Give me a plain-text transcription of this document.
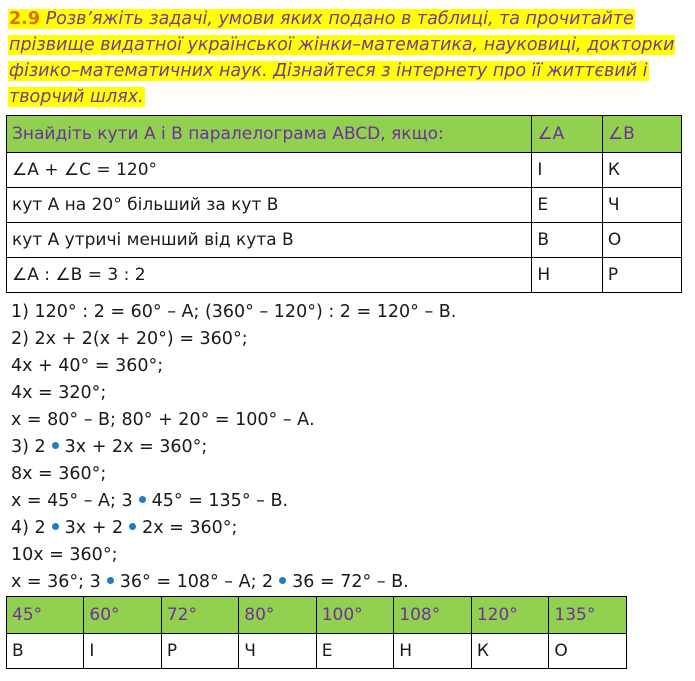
2.9 Розв’яжіть задачі, умови яких подано в таблиці, та прочитайте прізвище видатної української жінки–математика, науковиці, докторки фізико–математичних наук. Дізнайтеся з інтернету про її життєвий і творчий шлях.
Знайдіть кути А і В паралелограма ABCD, якщо:	∠A	∠B
∠A + ∠C = 120°	І	К
кут А на 20° більший за кут В	Е	Ч
кут А утричі менший від кута В	В	О
∠A : ∠B = 3 : 2	Н	Р
1) 120° : 2 = 60° – А; (360° – 120°) : 2 = 120° – В.
2) 2x + 2(x + 20°) = 360°;
4x + 40° = 360°;
4x = 320°;
x = 80° – В; 80° + 20° = 100° – А.
3) 2 3x + 2x = 360°;
8x = 360°;
x = 45° – А; 3 45° = 135° – В.
4) 2 3x + 2 2x = 360°;
10x = 360°;
x = 36°; 3 36° = 108° – А; 2 36 = 72° – В.
45°	60°	72°	80°	100°	108°	120°	135°
В	І	Р	Ч	Е	Н	К	О
